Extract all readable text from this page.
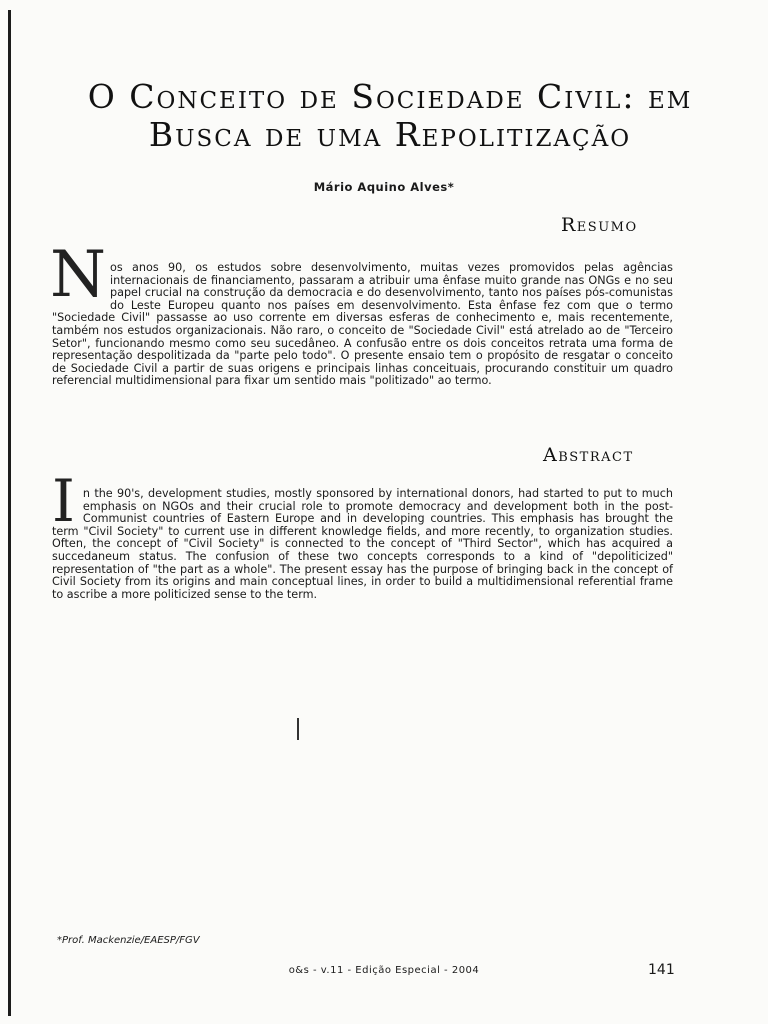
O Conceito de Sociedade Civil: em Busca de uma Repolitização
Mário Aquino Alves*
Resumo
Nos anos 90, os estudos sobre desenvolvimento, muitas vezes promovidos pelas agências internacionais de financiamento, passaram a atribuir uma ênfase muito grande nas ONGs e no seu papel crucial na construção da democracia e do desenvolvimento, tanto nos países pós-comunistas do Leste Europeu quanto nos países em desenvolvimento. Esta ênfase fez com que o termo "Sociedade Civil" passasse ao uso corrente em diversas esferas de conhecimento e, mais recentemente, também nos estudos organizacionais. Não raro, o conceito de "Sociedade Civil" está atrelado ao de "Terceiro Setor", funcionando mesmo como seu sucedâneo. A confusão entre os dois conceitos retrata uma forma de representação despolitizada da "parte pelo todo". O presente ensaio tem o propósito de resgatar o conceito de Sociedade Civil a partir de suas origens e principais linhas conceituais, procurando constituir um quadro referencial multidimensional para fixar um sentido mais "politizado" ao termo.
Abstract
In the 90's, development studies, mostly sponsored by international donors, had started to put to much emphasis on NGOs and their crucial role to promote democracy and development both in the post-Communist countries of Eastern Europe and in developing countries. This emphasis has brought the term "Civil Society" to current use in different knowledge fields, and more recently, to organization studies. Often, the concept of "Civil Society" is connected to the concept of "Third Sector", which has acquired a succedaneum status. The confusion of these two concepts corresponds to a kind of "depoliticized" representation of "the part as a whole". The present essay has the purpose of bringing back in the concept of Civil Society from its origins and main conceptual lines, in order to build a multidimensional referential frame to ascribe a more politicized sense to the term.
*Prof. Mackenzie/EAESP/FGV
o&s - v.11 - Edição Especial - 2004	141
